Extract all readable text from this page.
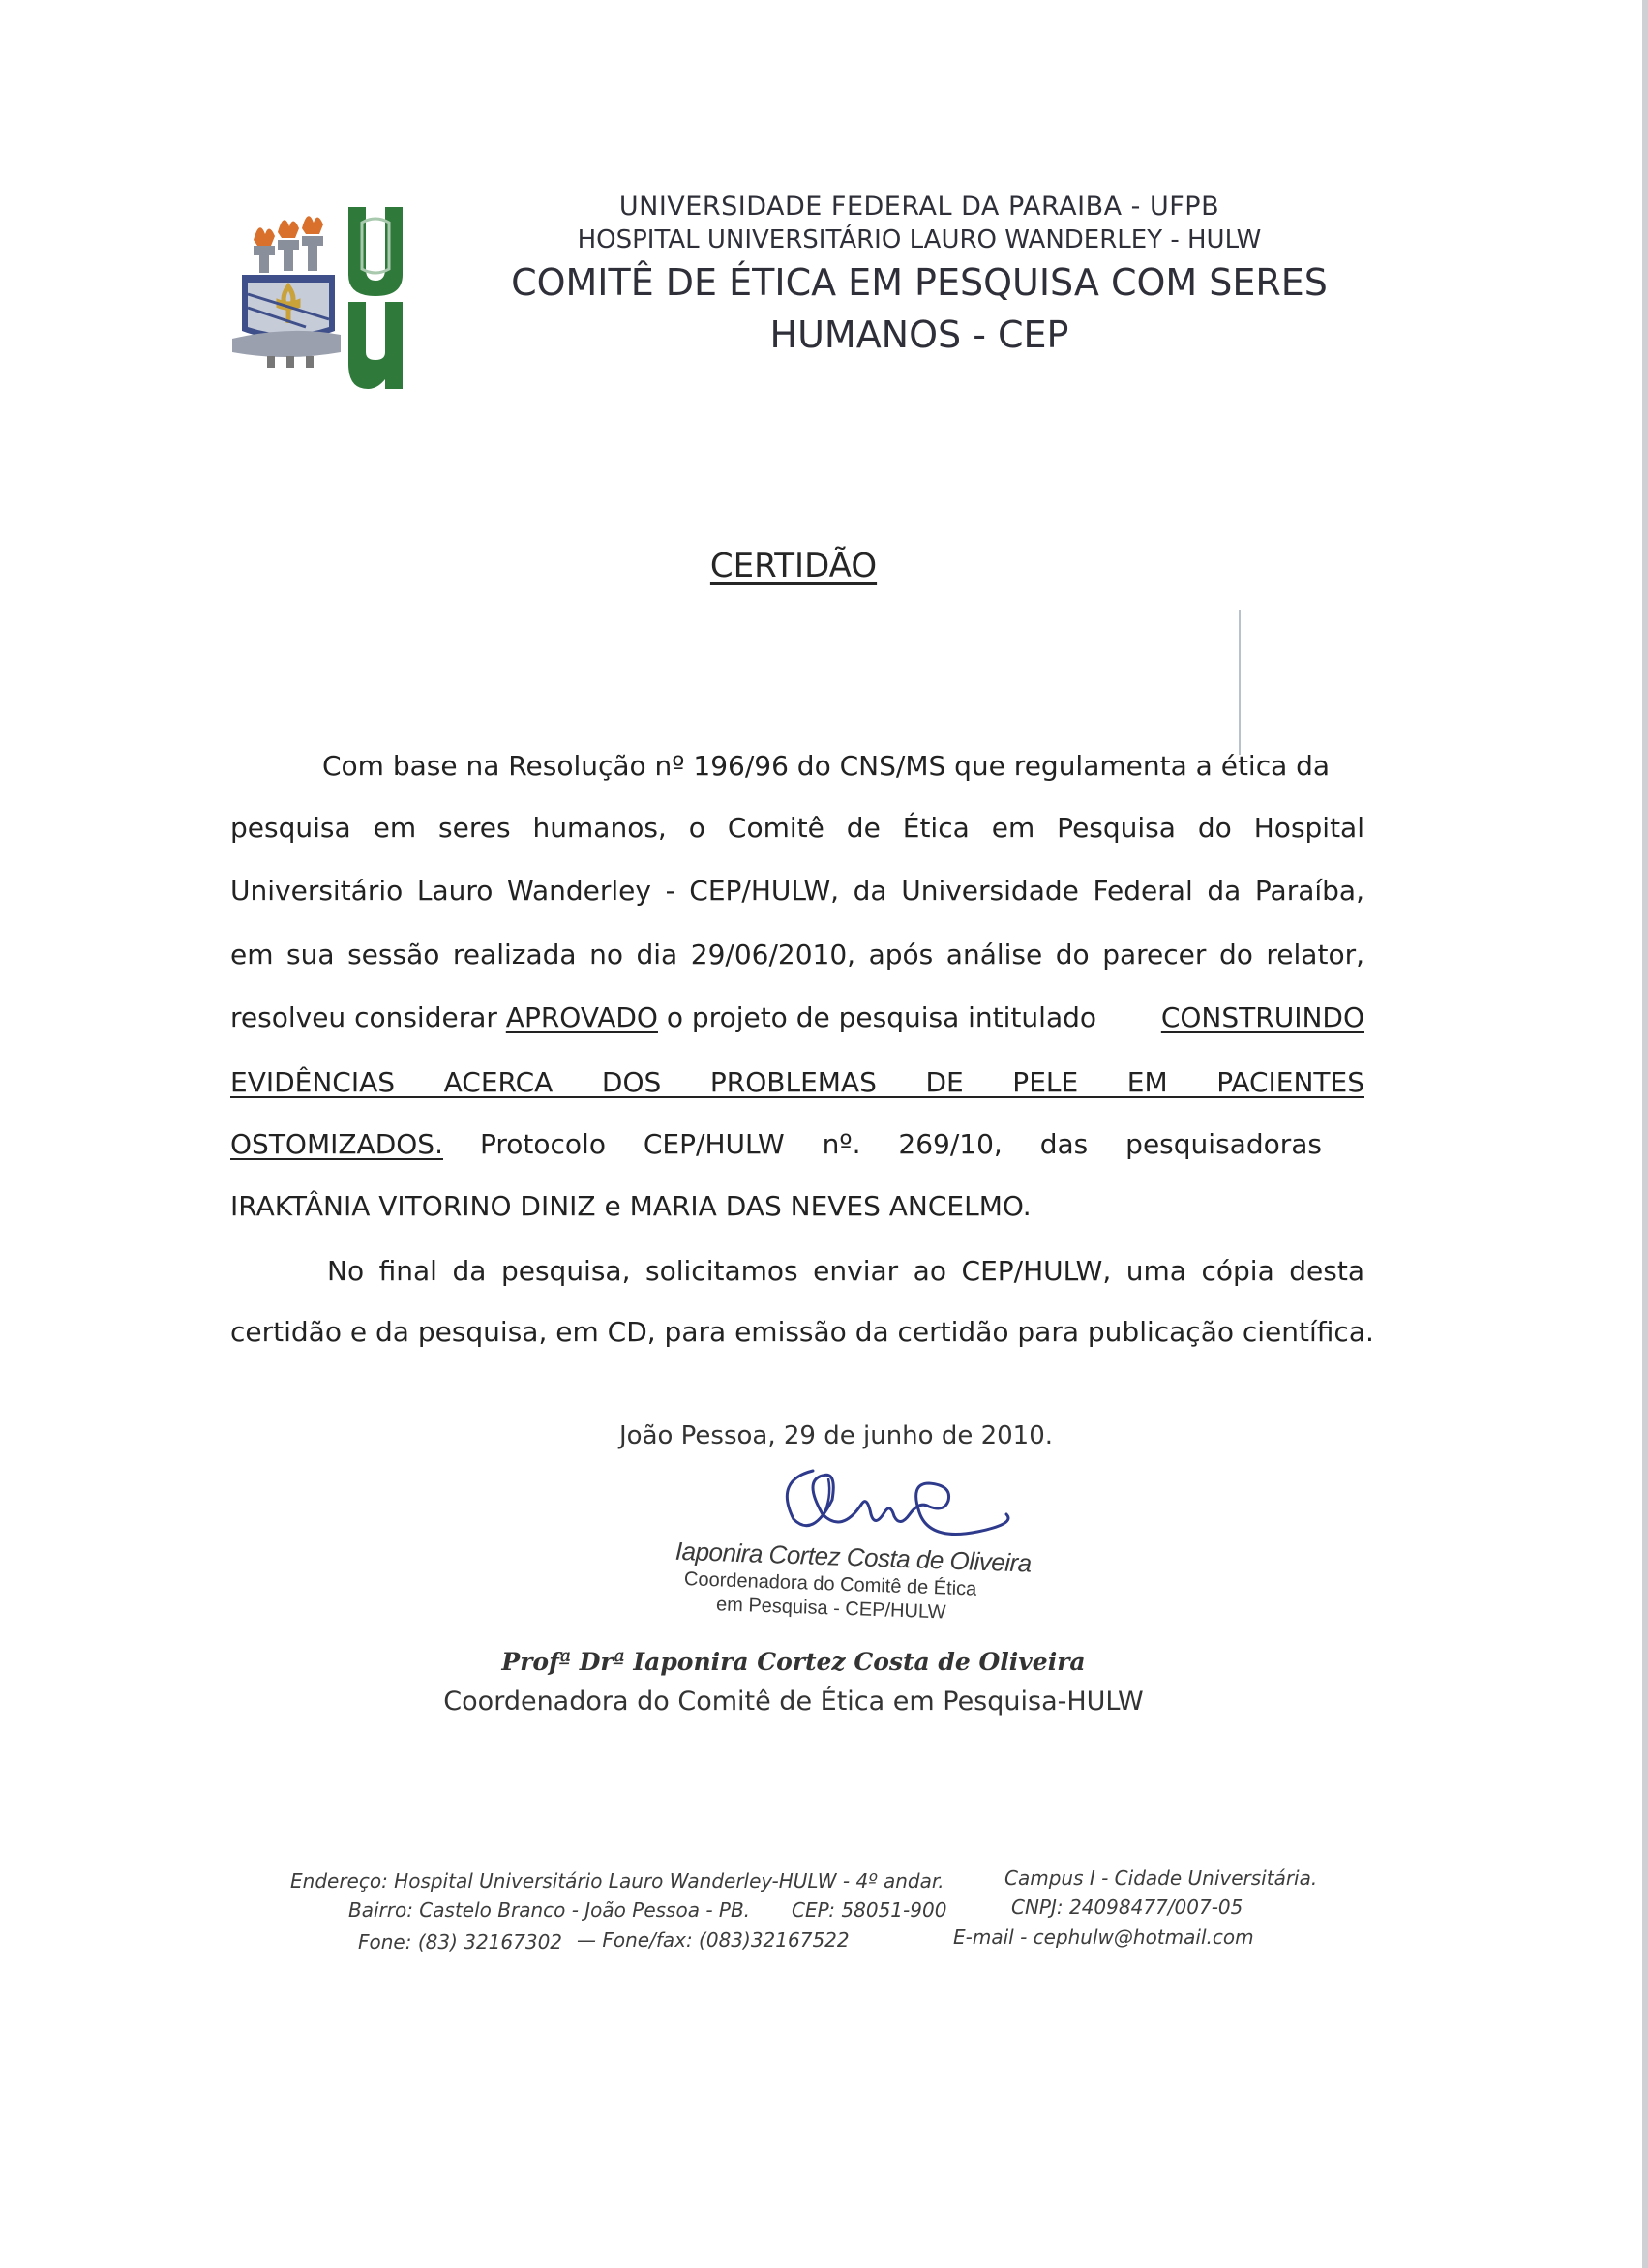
UNIVERSIDADE FEDERAL DA PARAIBA - UFPB
HOSPITAL UNIVERSITÁRIO LAURO WANDERLEY - HULW
COMITÊ DE ÉTICA EM PESQUISA COM SERES
HUMANOS - CEP
CERTIDÃO
Com base na Resolução nº 196/96 do CNS/MS que regulamenta a ética da
pesquisa em seres humanos, o Comitê de Ética em Pesquisa do Hospital
Universitário Lauro Wanderley - CEP/HULW, da Universidade Federal da Paraíba,
em sua sessão realizada no dia 29/06/2010, após análise do parecer do relator,
resolveu considerar APROVADO o projeto de pesquisa intitulado CONSTRUINDO
EVIDÊNCIAS ACERCA DOS PROBLEMAS DE PELE EM PACIENTES
OSTOMIZADOS. Protocolo CEP/HULW nº. 269/10, das pesquisadoras
IRAKTÂNIA VITORINO DINIZ e MARIA DAS NEVES ANCELMO.
No final da pesquisa, solicitamos enviar ao CEP/HULW, uma cópia desta
certidão e da pesquisa, em CD, para emissão da certidão para publicação científica.
João Pessoa, 29 de junho de 2010.
Iaponira Cortez Costa de Oliveira
Coordenadora do Comitê de Ética
em Pesquisa - CEP/HULW
Profª Drª Iaponira Cortez Costa de Oliveira
Coordenadora do Comitê de Ética em Pesquisa-HULW
Endereço: Hospital Universitário Lauro Wanderley-HULW - 4º andar.	Campus I - Cidade Universitária.
Bairro: Castelo Branco - João Pessoa - PB. CEP: 58051-900	CNPJ: 24098477/007-05
Fone: (83) 32167302 — Fone/fax: (083)32167522	E-mail - cephulw@hotmail.com
